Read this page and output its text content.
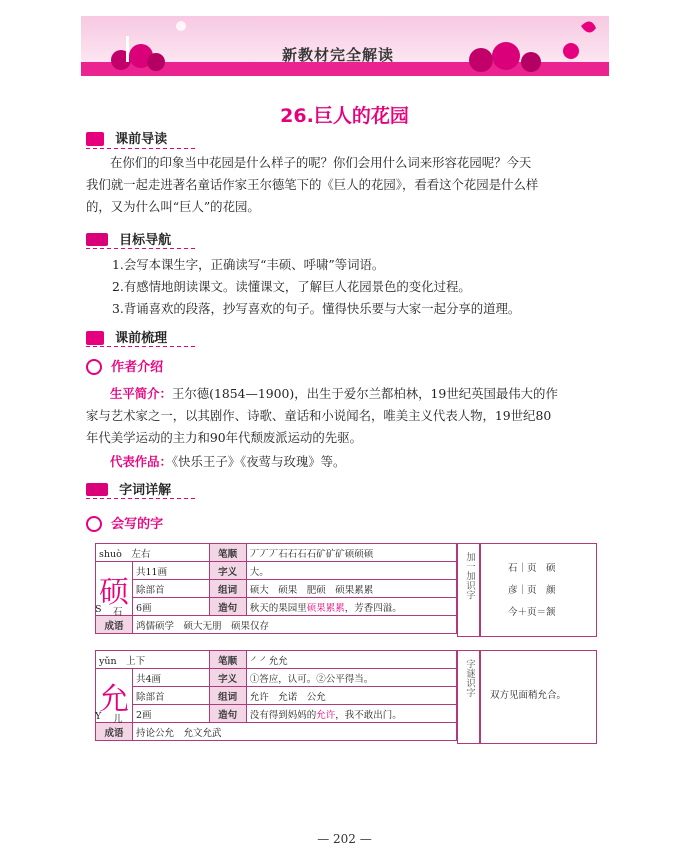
新教材完全解读
26.巨人的花园
课前导读
在你们的印象当中花园是什么样子的呢？你们会用什么词来形容花园呢？今天
我们就一起走进著名童话作家王尔德笔下的《巨人的花园》，看看这个花园是什么样
的，又为什么叫“巨人”的花园。
目标导航
1.会写本课生字，正确读写“丰硕、呼啸”等词语。
2.有感情地朗读课文。读懂课文，了解巨人花园景色的变化过程。
3.背诵喜欢的段落，抄写喜欢的句子。懂得快乐要与大家一起分享的道理。
课前梳理
作者介绍
生平简介：王尔德(1854—1900)，出生于爱尔兰都柏林，19世纪英国最伟大的作
家与艺术家之一，以其剧作、诗歌、童话和小说闻名，唯美主义代表人物，19世纪80
年代美学运动的主力和90年代颓废派运动的先驱。
代表作品：《快乐王子》《夜莺与玫瑰》等。
字词详解
会写的字
shuò　 左右		笔顺	丆丆丆石石石石矿矿矿硕硕硕
硕	共11画	字义	大。
	除部首	组词	硕大　硕果　肥硕　硕果累累
	6画	造句	秋天的果园里硕果累累，芳香四溢。
成语	鸿儒硕学　硕大无朋　硕果仅存		
S	石
加一加识字	石｜页　硕
彦｜页　颜
今＋页＝颔
yǔn　 上下		笔顺	㇒㇒允允
允	共4画	字义	①答应，认可。②公平得当。
	除部首	组词	允许　允诺　公允
	2画	造句	没有得到妈妈的允许，我不敢出门。
成语	持论公允　允文允武		
Y	儿
字谜识字	双方见面稍允合。
— 202 —
